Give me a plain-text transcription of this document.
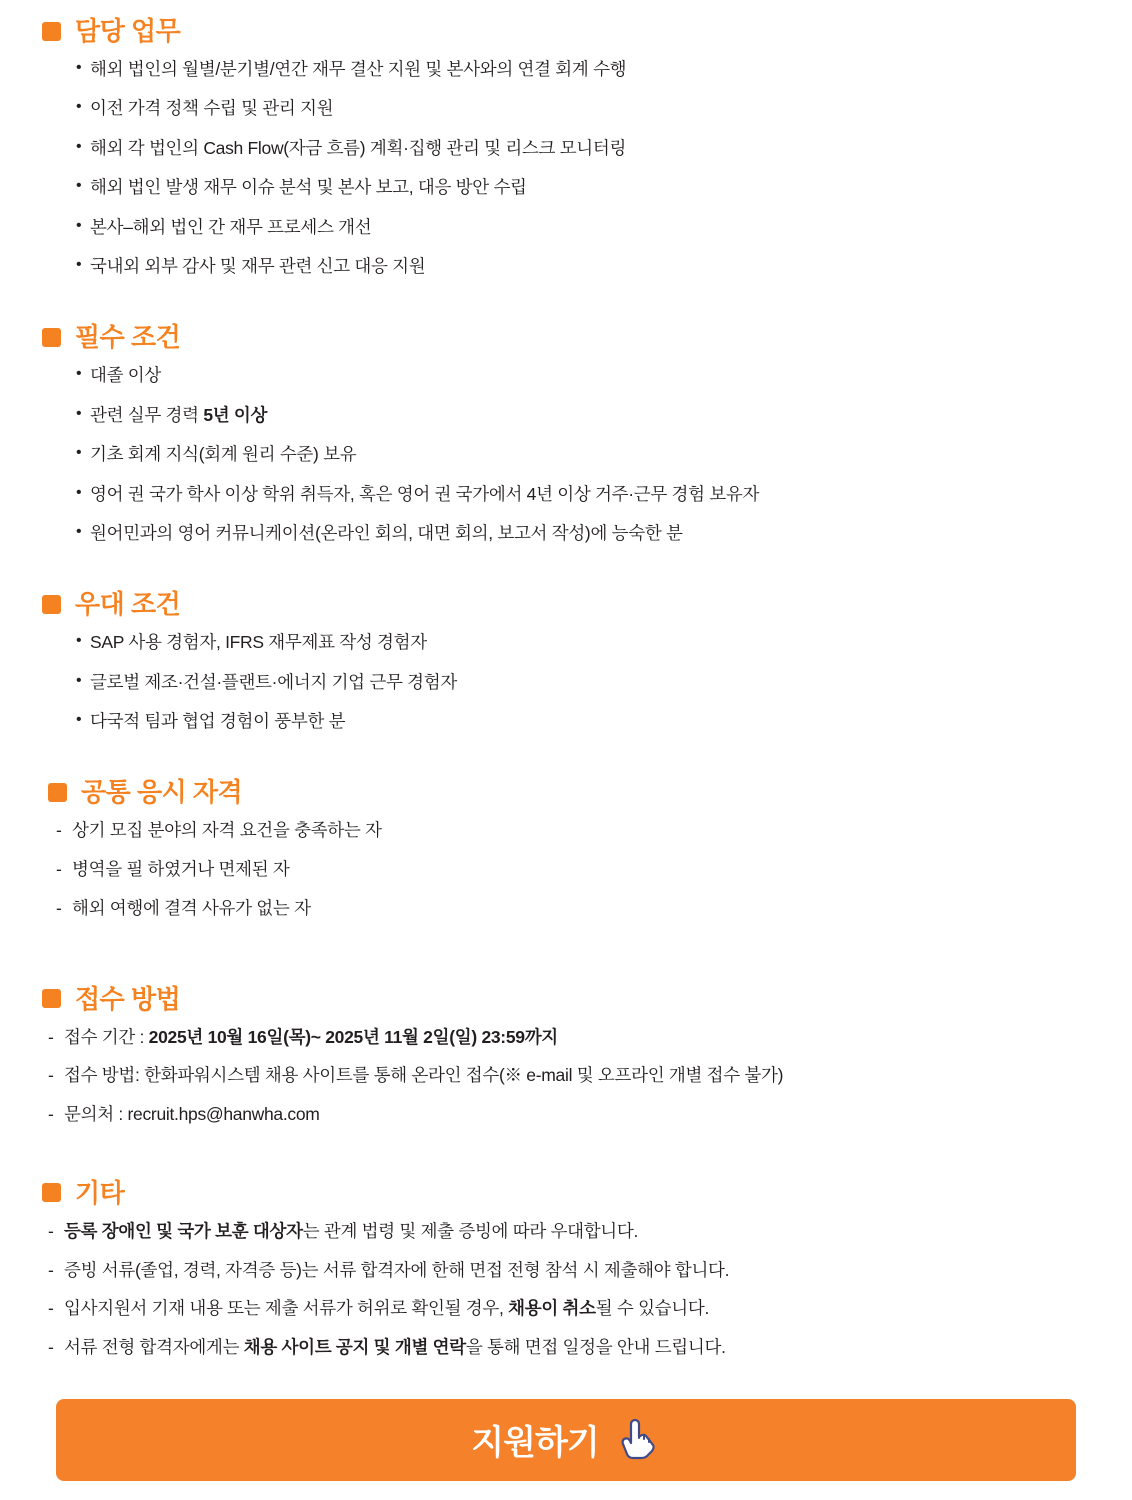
담당 업무
• 해외 법인의 월별/분기별/연간 재무 결산 지원 및 본사와의 연결 회계 수행
• 이전 가격 정책 수립 및 관리 지원
• 해외 각 법인의 Cash Flow(자금 흐름) 계획·집행 관리 및 리스크 모니터링
• 해외 법인 발생 재무 이슈 분석 및 본사 보고, 대응 방안 수립
• 본사–해외 법인 간 재무 프로세스 개선
• 국내외 외부 감사 및 재무 관련 신고 대응 지원
필수 조건
• 대졸 이상
• 관련 실무 경력 5년 이상
• 기초 회계 지식(회계 원리 수준) 보유
• 영어 권 국가 학사 이상 학위 취득자, 혹은 영어 권 국가에서 4년 이상 거주·근무 경험 보유자
• 원어민과의 영어 커뮤니케이션(온라인 회의, 대면 회의, 보고서 작성)에 능숙한 분
우대 조건
• SAP 사용 경험자, IFRS 재무제표 작성 경험자
• 글로벌 제조·건설·플랜트·에너지 기업 근무 경험자
• 다국적 팀과 협업 경험이 풍부한 분
공통 응시 자격
- 상기 모집 분야의 자격 요건을 충족하는 자
- 병역을 필 하였거나 면제된 자
- 해외 여행에 결격 사유가 없는 자
접수 방법
- 접수 기간 : 2025년 10월 16일(목)~ 2025년 11월 2일(일) 23:59까지
- 접수 방법: 한화파워시스템 채용 사이트를 통해 온라인 접수(※ e-mail 및 오프라인 개별 접수 불가)
- 문의처 : recruit.hps@hanwha.com
기타
- 등록 장애인 및 국가 보훈 대상자는 관계 법령 및 제출 증빙에 따라 우대합니다.
- 증빙 서류(졸업, 경력, 자격증 등)는 서류 합격자에 한해 면접 전형 참석 시 제출해야 합니다.
- 입사지원서 기재 내용 또는 제출 서류가 허위로 확인될 경우, 채용이 취소될 수 있습니다.
- 서류 전형 합격자에게는 채용 사이트 공지 및 개별 연락을 통해 면접 일정을 안내 드립니다.
지원하기
